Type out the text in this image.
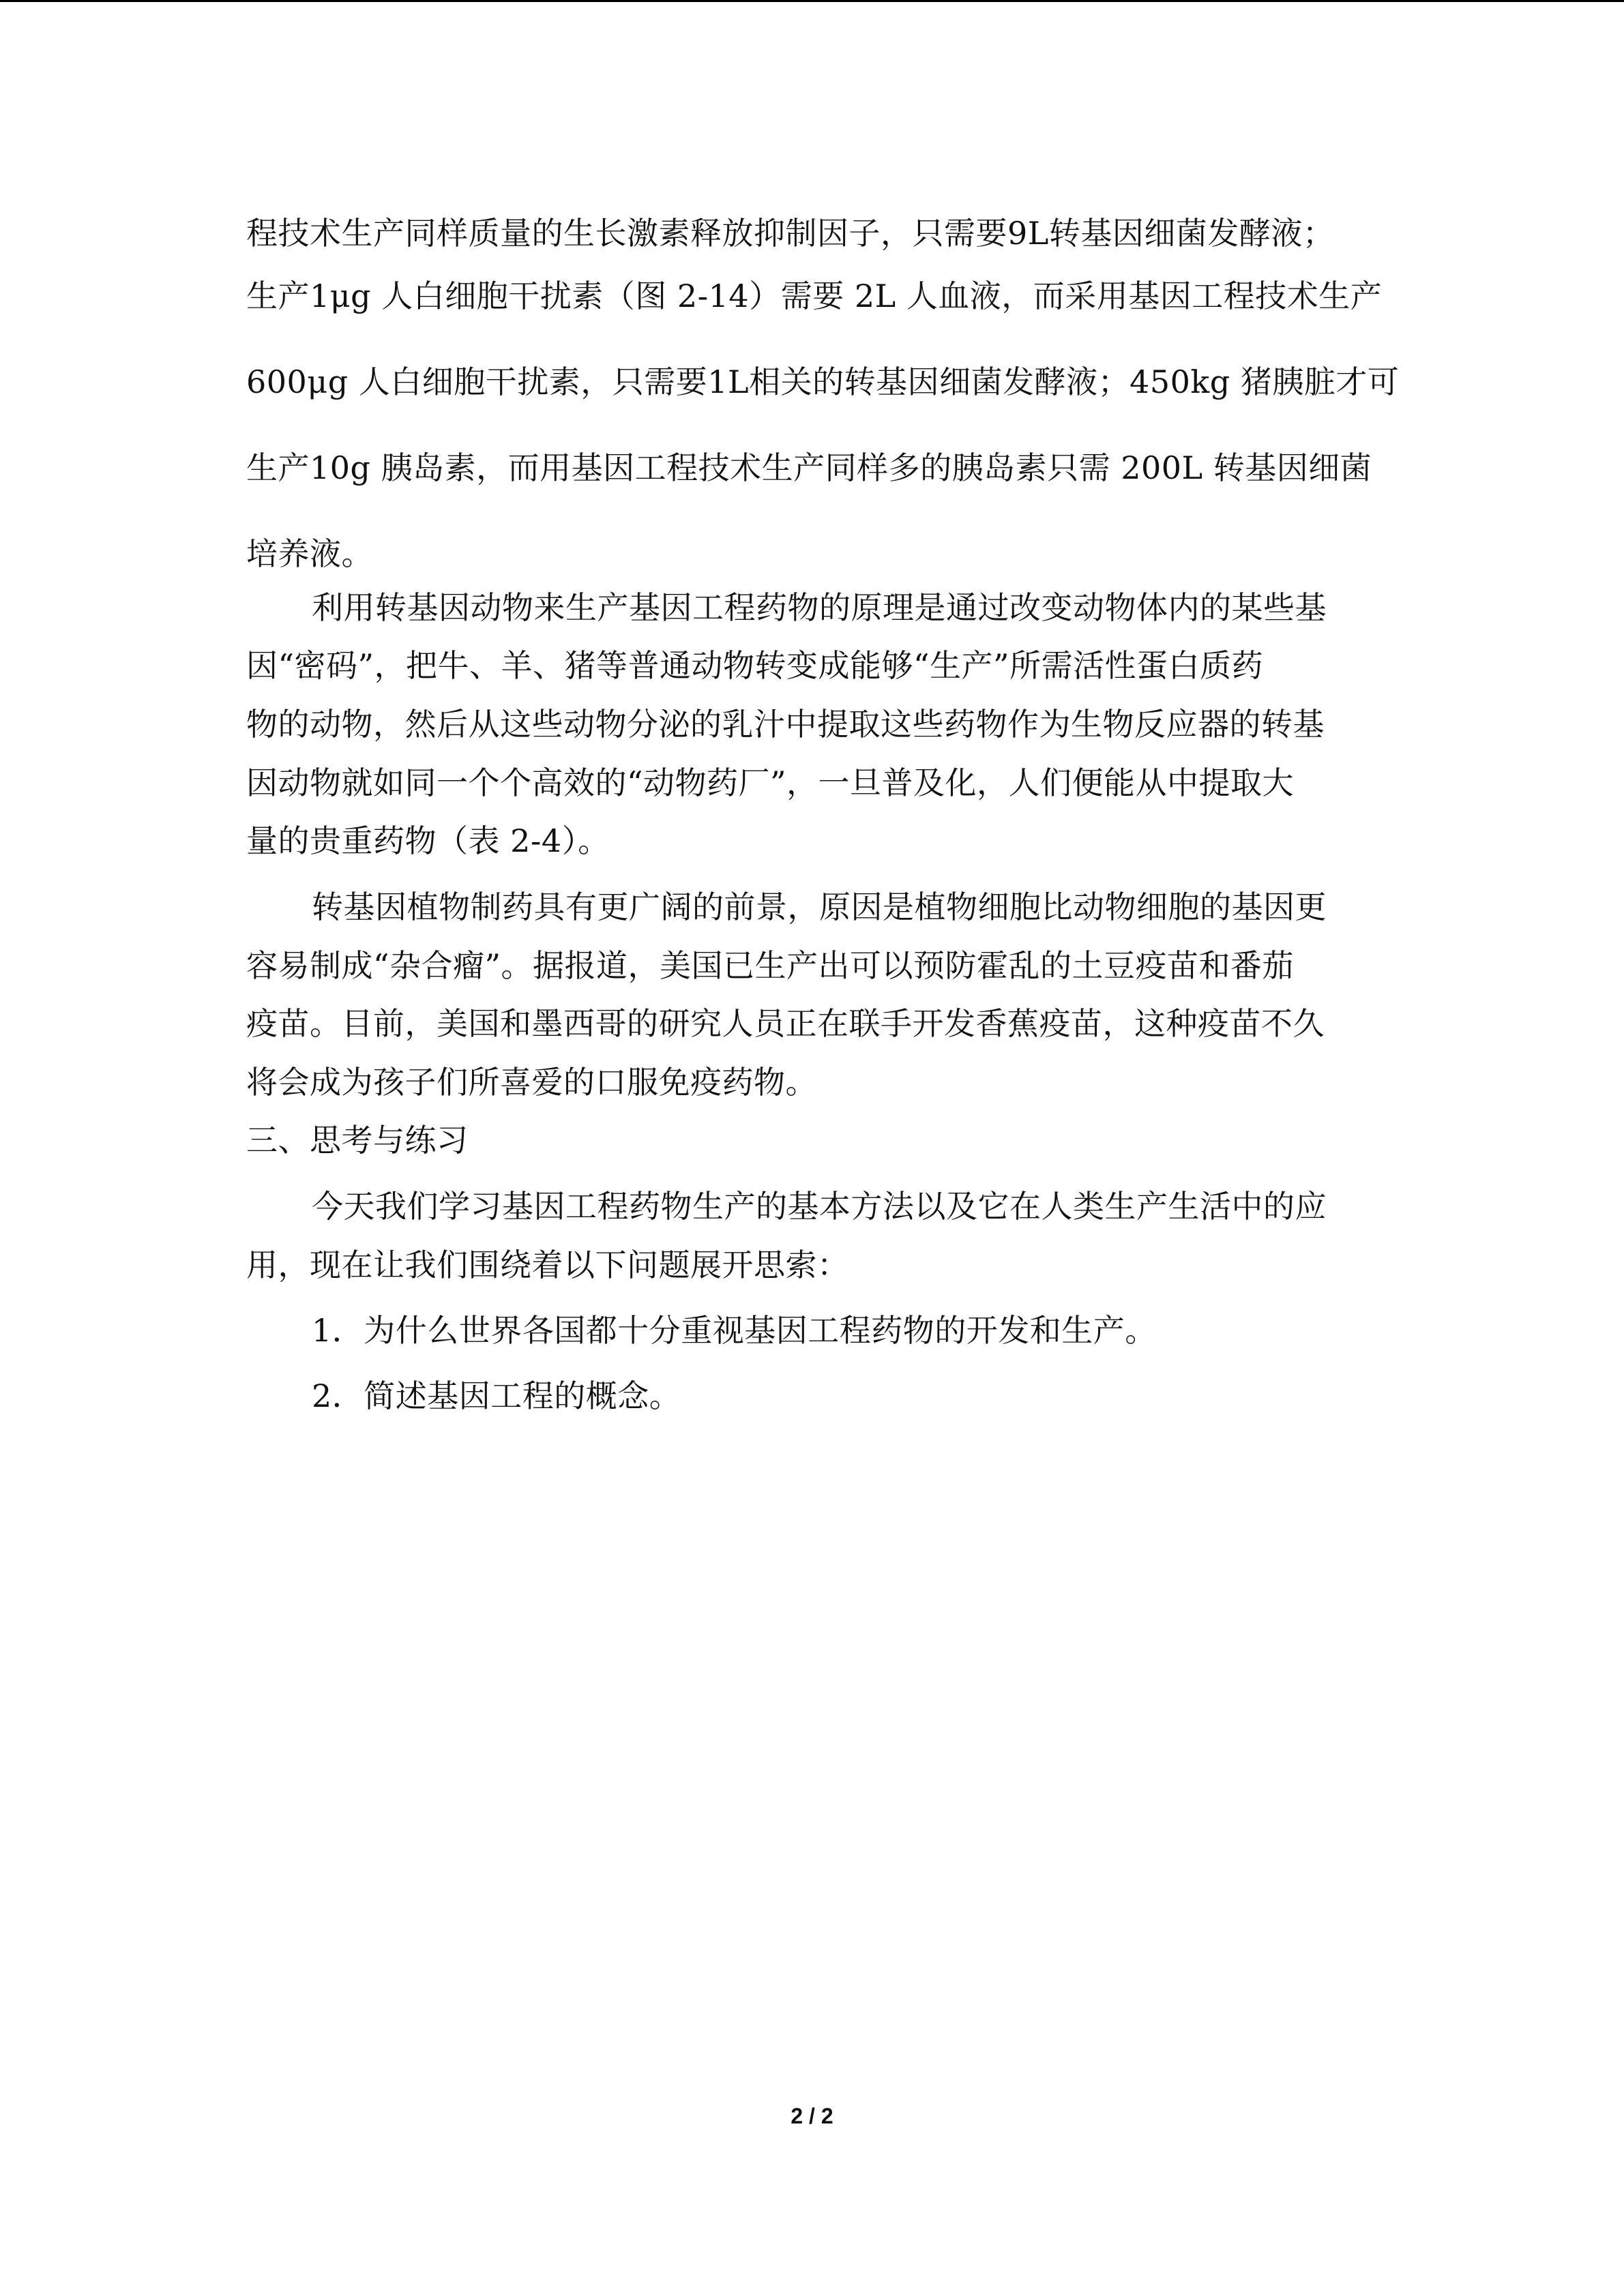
程技术生产同样质量的生长激素释放抑制因子，只需要9L转基因细菌发酵液；
生产1μg 人白细胞干扰素（图 2-14）需要 2L 人血液，而采用基因工程技术生产
600μg 人白细胞干扰素，只需要1L相关的转基因细菌发酵液；450kg 猪胰脏才可
生产10g 胰岛素，而用基因工程技术生产同样多的胰岛素只需 200L 转基因细菌
培养液。
利用转基因动物来生产基因工程药物的原理是通过改变动物体内的某些基
因“密码”，把牛、羊、猪等普通动物转变成能够“生产”所需活性蛋白质药
物的动物，然后从这些动物分泌的乳汁中提取这些药物作为生物反应器的转基
因动物就如同一个个高效的“动物药厂”，一旦普及化，人们便能从中提取大
量的贵重药物（表 2-4）。
转基因植物制药具有更广阔的前景，原因是植物细胞比动物细胞的基因更
容易制成“杂合瘤”。据报道，美国已生产出可以预防霍乱的土豆疫苗和番茄
疫苗。目前，美国和墨西哥的研究人员正在联手开发香蕉疫苗，这种疫苗不久
将会成为孩子们所喜爱的口服免疫药物。
三、思考与练习
今天我们学习基因工程药物生产的基本方法以及它在人类生产生活中的应
用，现在让我们围绕着以下问题展开思索：
1．为什么世界各国都十分重视基因工程药物的开发和生产。
2．简述基因工程的概念。
2 / 2
